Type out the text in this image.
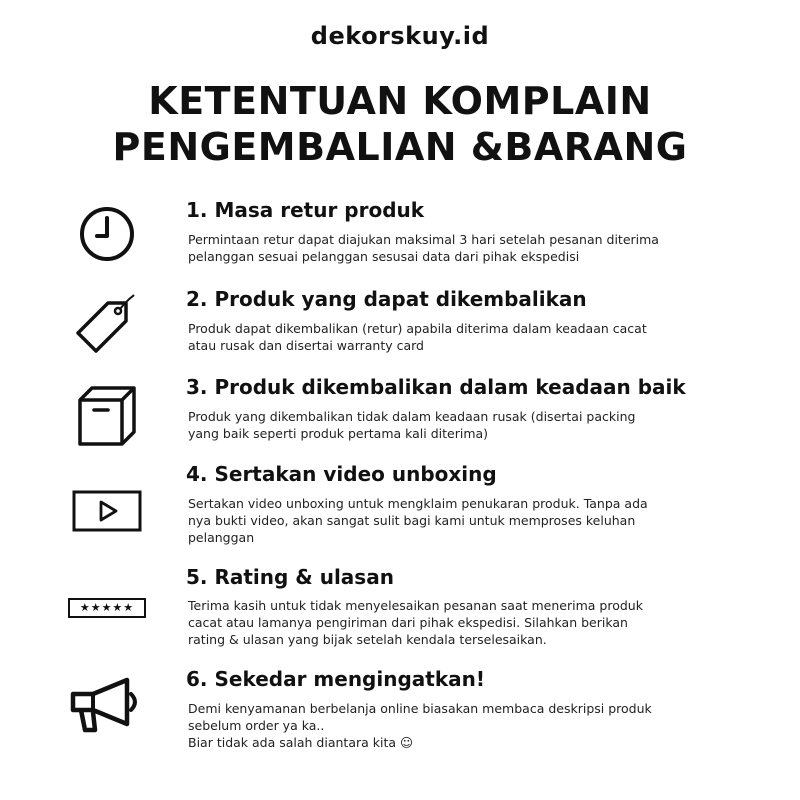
dekorskuy.id
KETENTUAN KOMPLAIN
PENGEMBALIAN &BARANG
1. Masa retur produk
Permintaan retur dapat diajukan maksimal 3 hari setelah pesanan diterima
pelanggan sesuai pelanggan sesusai data dari pihak ekspedisi
2. Produk yang dapat dikembalikan
Produk dapat dikembalikan (retur) apabila diterima dalam keadaan cacat
atau rusak dan disertai warranty card
3. Produk dikembalikan dalam keadaan baik
Produk yang dikembalikan tidak dalam keadaan rusak (disertai packing
yang baik seperti produk pertama kali diterima)
4. Sertakan video unboxing
Sertakan video unboxing untuk mengklaim penukaran produk. Tanpa ada
nya bukti video, akan sangat sulit bagi kami untuk memproses keluhan
pelanggan
★★★★★
5. Rating & ulasan
Terima kasih untuk tidak menyelesaikan pesanan saat menerima produk
cacat atau lamanya pengiriman dari pihak ekspedisi. Silahkan berikan
rating & ulasan yang bijak setelah kendala terselesaikan.
6. Sekedar mengingatkan!
Demi kenyamanan berbelanja online biasakan membaca deskripsi produk
sebelum order ya ka..
Biar tidak ada salah diantara kita ☺
